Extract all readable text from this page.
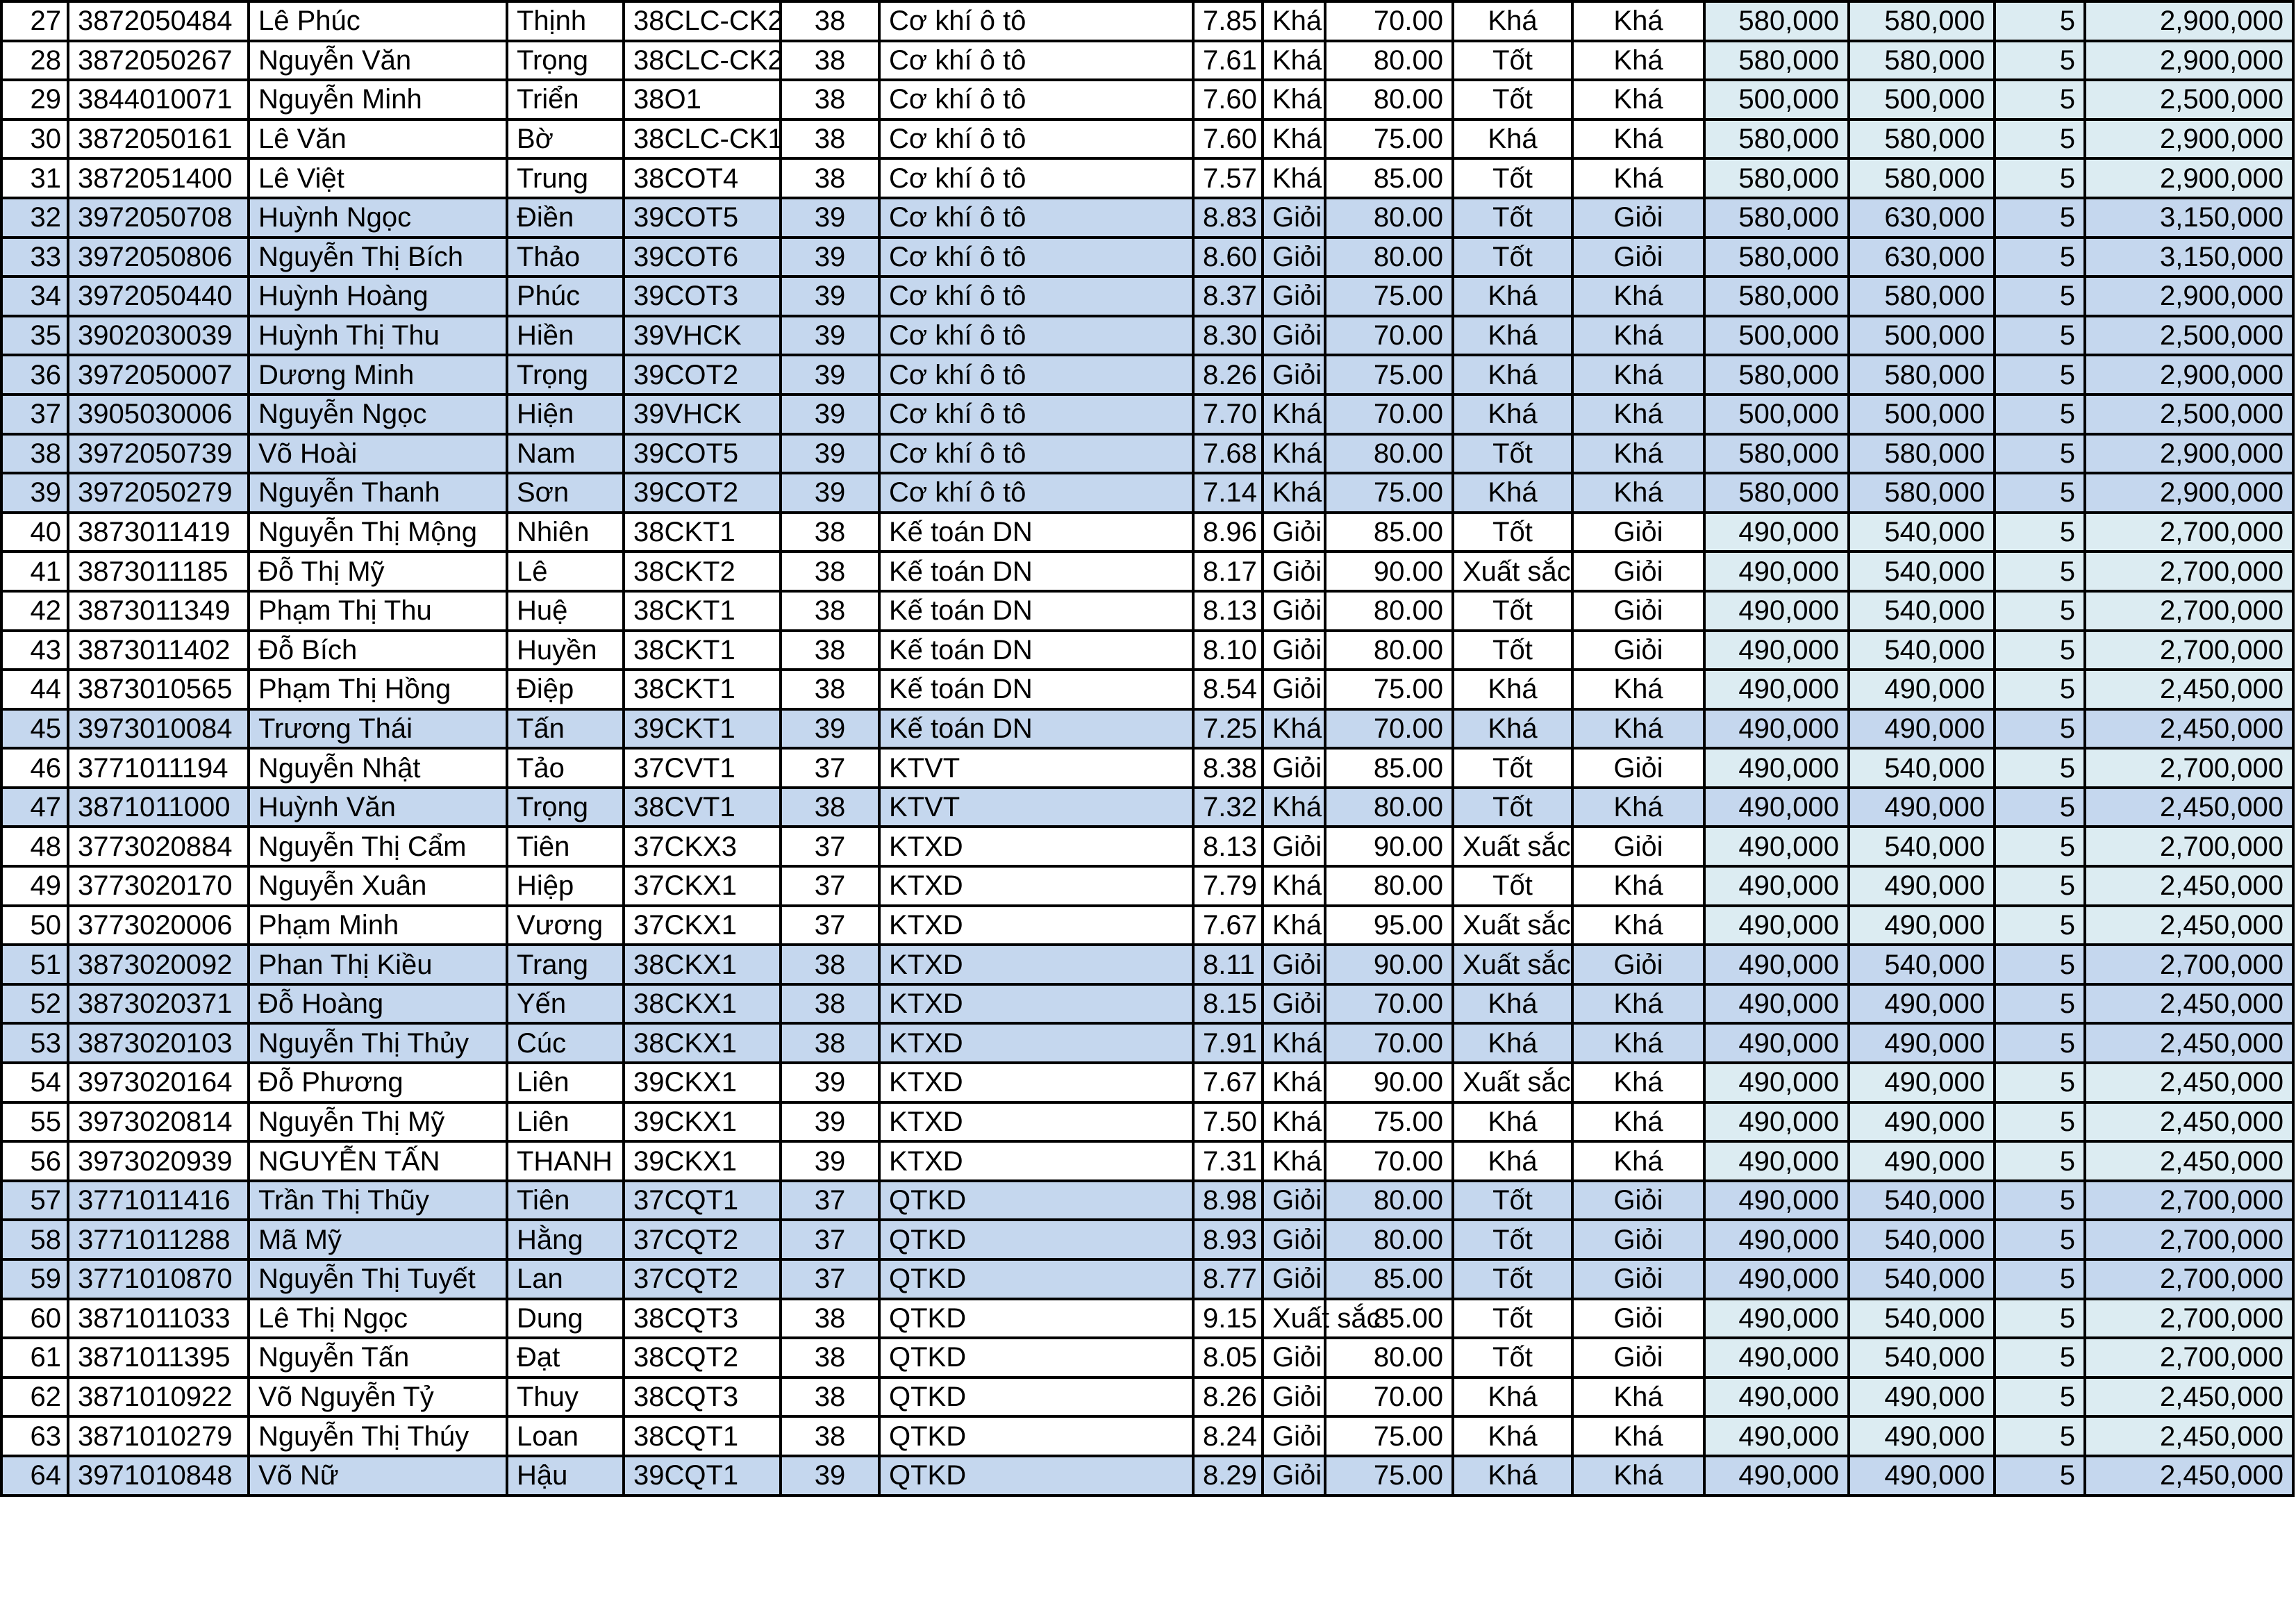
27	3872050484	Lê Phúc	Thịnh	38CLC-CK2	38	Cơ khí ô tô	7.85	Khá	70.00	Khá	Khá	580,000	580,000	5	2,900,000
28	3872050267	Nguyễn Văn	Trọng	38CLC-CK2	38	Cơ khí ô tô	7.61	Khá	80.00	Tốt	Khá	580,000	580,000	5	2,900,000
29	3844010071	Nguyễn Minh	Triển	38O1	38	Cơ khí ô tô	7.60	Khá	80.00	Tốt	Khá	500,000	500,000	5	2,500,000
30	3872050161	Lê Văn	Bờ	38CLC-CK1	38	Cơ khí ô tô	7.60	Khá	75.00	Khá	Khá	580,000	580,000	5	2,900,000
31	3872051400	Lê Việt	Trung	38COT4	38	Cơ khí ô tô	7.57	Khá	85.00	Tốt	Khá	580,000	580,000	5	2,900,000
32	3972050708	Huỳnh Ngọc	Điền	39COT5	39	Cơ khí ô tô	8.83	Giỏi	80.00	Tốt	Giỏi	580,000	630,000	5	3,150,000
33	3972050806	Nguyễn Thị Bích	Thảo	39COT6	39	Cơ khí ô tô	8.60	Giỏi	80.00	Tốt	Giỏi	580,000	630,000	5	3,150,000
34	3972050440	Huỳnh Hoàng	Phúc	39COT3	39	Cơ khí ô tô	8.37	Giỏi	75.00	Khá	Khá	580,000	580,000	5	2,900,000
35	3902030039	Huỳnh Thị Thu	Hiền	39VHCK	39	Cơ khí ô tô	8.30	Giỏi	70.00	Khá	Khá	500,000	500,000	5	2,500,000
36	3972050007	Dương Minh	Trọng	39COT2	39	Cơ khí ô tô	8.26	Giỏi	75.00	Khá	Khá	580,000	580,000	5	2,900,000
37	3905030006	Nguyễn Ngọc	Hiện	39VHCK	39	Cơ khí ô tô	7.70	Khá	70.00	Khá	Khá	500,000	500,000	5	2,500,000
38	3972050739	Võ Hoài	Nam	39COT5	39	Cơ khí ô tô	7.68	Khá	80.00	Tốt	Khá	580,000	580,000	5	2,900,000
39	3972050279	Nguyễn Thanh	Sơn	39COT2	39	Cơ khí ô tô	7.14	Khá	75.00	Khá	Khá	580,000	580,000	5	2,900,000
40	3873011419	Nguyễn Thị Mộng	Nhiên	38CKT1	38	Kế toán DN	8.96	Giỏi	85.00	Tốt	Giỏi	490,000	540,000	5	2,700,000
41	3873011185	Đỗ Thị Mỹ	Lê	38CKT2	38	Kế toán DN	8.17	Giỏi	90.00	Xuất sắc	Giỏi	490,000	540,000	5	2,700,000
42	3873011349	Phạm Thị Thu	Huệ	38CKT1	38	Kế toán DN	8.13	Giỏi	80.00	Tốt	Giỏi	490,000	540,000	5	2,700,000
43	3873011402	Đỗ Bích	Huyền	38CKT1	38	Kế toán DN	8.10	Giỏi	80.00	Tốt	Giỏi	490,000	540,000	5	2,700,000
44	3873010565	Phạm Thị Hồng	Điệp	38CKT1	38	Kế toán DN	8.54	Giỏi	75.00	Khá	Khá	490,000	490,000	5	2,450,000
45	3973010084	Trương Thái	Tấn	39CKT1	39	Kế toán DN	7.25	Khá	70.00	Khá	Khá	490,000	490,000	5	2,450,000
46	3771011194	Nguyễn Nhật	Tảo	37CVT1	37	KTVT	8.38	Giỏi	85.00	Tốt	Giỏi	490,000	540,000	5	2,700,000
47	3871011000	Huỳnh Văn	Trọng	38CVT1	38	KTVT	7.32	Khá	80.00	Tốt	Khá	490,000	490,000	5	2,450,000
48	3773020884	Nguyễn Thị Cẩm	Tiên	37CKX3	37	KTXD	8.13	Giỏi	90.00	Xuất sắc	Giỏi	490,000	540,000	5	2,700,000
49	3773020170	Nguyễn Xuân	Hiệp	37CKX1	37	KTXD	7.79	Khá	80.00	Tốt	Khá	490,000	490,000	5	2,450,000
50	3773020006	Phạm Minh	Vương	37CKX1	37	KTXD	7.67	Khá	95.00	Xuất sắc	Khá	490,000	490,000	5	2,450,000
51	3873020092	Phan Thị Kiều	Trang	38CKX1	38	KTXD	8.11	Giỏi	90.00	Xuất sắc	Giỏi	490,000	540,000	5	2,700,000
52	3873020371	Đỗ Hoàng	Yến	38CKX1	38	KTXD	8.15	Giỏi	70.00	Khá	Khá	490,000	490,000	5	2,450,000
53	3873020103	Nguyễn Thị Thủy	Cúc	38CKX1	38	KTXD	7.91	Khá	70.00	Khá	Khá	490,000	490,000	5	2,450,000
54	3973020164	Đỗ Phương	Liên	39CKX1	39	KTXD	7.67	Khá	90.00	Xuất sắc	Khá	490,000	490,000	5	2,450,000
55	3973020814	Nguyễn Thị Mỹ	Liên	39CKX1	39	KTXD	7.50	Khá	75.00	Khá	Khá	490,000	490,000	5	2,450,000
56	3973020939	NGUYỄN TẤN	THANH	39CKX1	39	KTXD	7.31	Khá	70.00	Khá	Khá	490,000	490,000	5	2,450,000
57	3771011416	Trần Thị Thũy	Tiên	37CQT1	37	QTKD	8.98	Giỏi	80.00	Tốt	Giỏi	490,000	540,000	5	2,700,000
58	3771011288	Mã Mỹ	Hằng	37CQT2	37	QTKD	8.93	Giỏi	80.00	Tốt	Giỏi	490,000	540,000	5	2,700,000
59	3771010870	Nguyễn Thị Tuyết	Lan	37CQT2	37	QTKD	8.77	Giỏi	85.00	Tốt	Giỏi	490,000	540,000	5	2,700,000
60	3871011033	Lê Thị Ngọc	Dung	38CQT3	38	QTKD	9.15	Xuất sắc	85.00	Tốt	Giỏi	490,000	540,000	5	2,700,000
61	3871011395	Nguyễn Tấn	Đạt	38CQT2	38	QTKD	8.05	Giỏi	80.00	Tốt	Giỏi	490,000	540,000	5	2,700,000
62	3871010922	Võ Nguyễn Tỷ	Thuy	38CQT3	38	QTKD	8.26	Giỏi	70.00	Khá	Khá	490,000	490,000	5	2,450,000
63	3871010279	Nguyễn Thị Thúy	Loan	38CQT1	38	QTKD	8.24	Giỏi	75.00	Khá	Khá	490,000	490,000	5	2,450,000
64	3971010848	Võ Nữ	Hậu	39CQT1	39	QTKD	8.29	Giỏi	75.00	Khá	Khá	490,000	490,000	5	2,450,000
